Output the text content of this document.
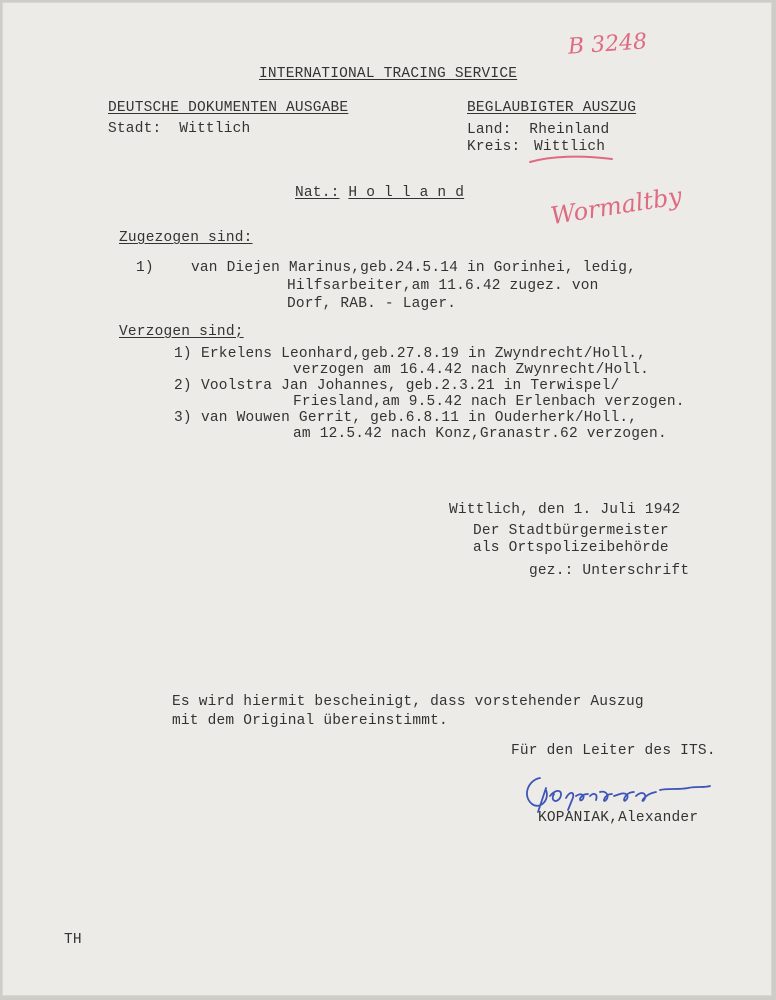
INTERNATIONAL TRACING SERVICE
B 3248
DEUTSCHE DOKUMENTEN AUSGABE
Stadt:  Wittlich
BEGLAUBIGTER AUSZUG
Land:  Rheinland
Kreis: Wittlich
Nat.: H o l l a n d	Wormaltby
Zugezogen sind:
1)	van Diejen Marinus,geb.24.5.14 in Gorinhei, ledig,
Hilfsarbeiter,am 11.6.42 zugez. von
Dorf, RAB. - Lager.
Verzogen sind;
1) Erkelens Leonhard,geb.27.8.19 in Zwyndrecht/Holl.,
verzogen am 16.4.42 nach Zwynrecht/Holl.
2) Voolstra Jan Johannes, geb.2.3.21 in Terwispel/
Friesland,am 9.5.42 nach Erlenbach verzogen.
3) van Wouwen Gerrit, geb.6.8.11 in Ouderherk/Holl.,
am 12.5.42 nach Konz,Granastr.62 verzogen.
Wittlich, den 1. Juli 1942
Der Stadtbürgermeister
als Ortspolizeibehörde
gez.: Unterschrift
Es wird hiermit bescheinigt, dass vorstehender Auszug
mit dem Original übereinstimmt.
Für den Leiter des ITS.
KOPANIAK,Alexander
TH
